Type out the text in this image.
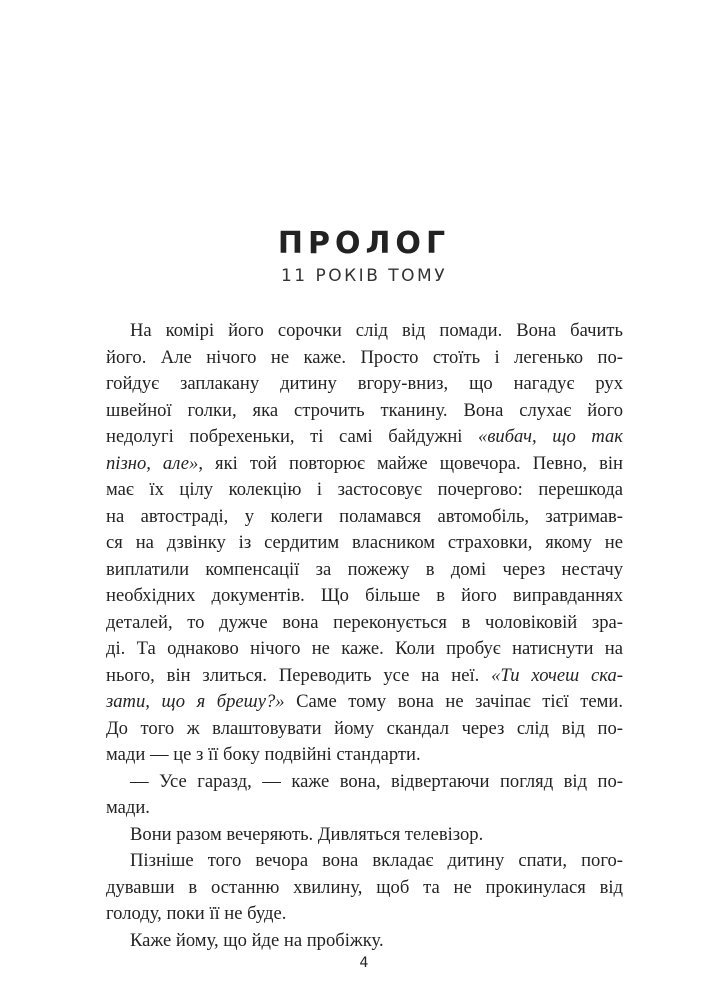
ПРОЛОГ
11 РОКІВ ТОМУ
На комірі його сорочки слід від помади. Вона бачить
його. Але нічого не каже. Просто стоїть і легенько по-
гойдує заплакану дитину вгору-вниз, що нагадує рух
швейної голки, яка строчить тканину. Вона слухає його
недолугі побрехеньки, ті самі байдужні «вибач, що так
пізно, але», які той повторює майже щовечора. Певно, він
має їх цілу колекцію і застосовує почергово: перешкода
на автостраді, у колеги поламався автомобіль, затримав-
ся на дзвінку із сердитим власником страховки, якому не
виплатили компенсації за пожежу в домі через нестачу
необхідних документів. Що більше в його виправданнях
деталей, то дужче вона переконується в чоловіковій зра-
ді. Та однаково нічого не каже. Коли пробує натиснути на
нього, він злиться. Переводить усе на неї. «Ти хочеш ска-
зати, що я брешу?» Саме тому вона не зачіпає тієї теми.
До того ж влаштовувати йому скандал через слід від по-
мади — це з її боку подвійні стандарти.
— Усе гаразд, — каже вона, відвертаючи погляд від по-
мади.
Вони разом вечеряють. Дивляться телевізор.
Пізніше того вечора вона вкладає дитину спати, пого-
дувавши в останню хвилину, щоб та не прокинулася від
голоду, поки її не буде.
Каже йому, що йде на пробіжку.
4
